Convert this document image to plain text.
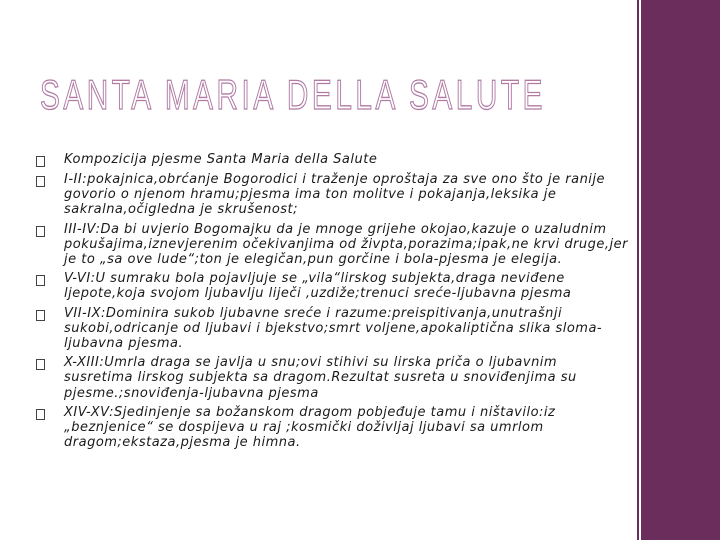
SANTA MARIA DELLA SALUTE
Kompozicija pjesme Santa Maria della Salute
I-II:pokajnica,obrćanje Bogorodici i traženje oproštaja za sve ono što je ranije govorio o njenom hramu;pjesma ima ton molitve i pokajanja,leksika je sakralna,očigledna je skrušenost;
III-IV:Da bi uvjerio Bogomajku da je mnoge grijehe okojao,kazuje o uzaludnim pokušajima,iznevjerenim očekivanjima od živpta,porazima;ipak,ne krvi druge,jer je to „sa ove lude“;ton je elegičan,pun gorčine i bola-pjesma je elegija.
V-VI:U sumraku bola pojavljuje se „vila“lirskog subjekta,draga neviđene ljepote,koja svojom ljubavlju liječi ,uzdiže;trenuci sreće-ljubavna pjesma
VII-IX:Dominira sukob ljubavne sreće i razume:preispitivanja,unutrašnji sukobi,odricanje od ljubavi i bjekstvo;smrt voljene,apokaliptična slika sloma-ljubavna pjesma.
X-XIII:Umrla draga se javlja u snu;ovi stihivi su lirska priča o ljubavnim susretima lirskog subjekta sa dragom.Rezultat susreta u snoviđenjima su pjesme.;snoviđenja-ljubavna pjesma
XIV-XV:Sjedinjenje sa božanskom dragom pobjeđuje tamu i ništavilo:iz „beznjenice“ se dospijeva u raj ;kosmički doživljaj ljubavi sa umrlom dragom;ekstaza,pjesma je himna.
